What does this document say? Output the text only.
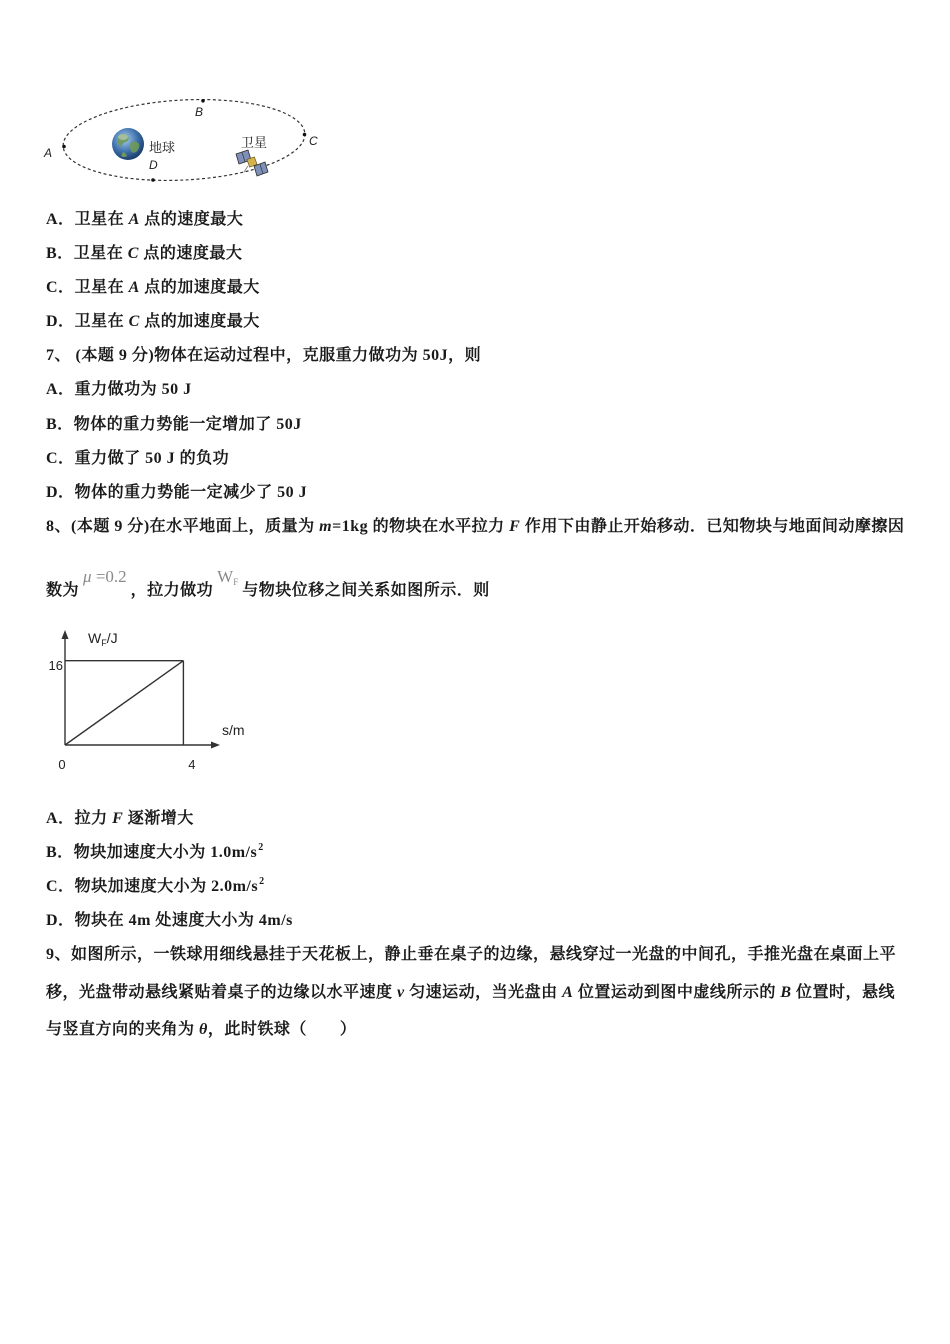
A
B
C
D
地球	卫星
A．卫星在 A 点的速度最大
B．卫星在 C 点的速度最大
C．卫星在 A 点的加速度最大
D．卫星在 C 点的加速度最大
7、 (本题 9 分)物体在运动过程中，克服重力做功为 50J，则
A．重力做功为 50 J
B．物体的重力势能一定增加了 50J
C．重力做了 50 J 的负功
D．物体的重力势能一定减少了 50 J
8、(本题 9 分)在水平地面上，质量为 m=1kg 的物块在水平拉力 F 作用下由静止开始移动．已知物块与地面间动摩擦因
数为μ =0.2，拉力做功WF 与物块位移之间关系如图所示．则
$W_F/J$
s/m
16
0	4
A．拉力 F 逐渐增大
B．物块加速度大小为 $1.0m/s^2$
C．物块加速度大小为 $2.0m/s^2$
D．物块在 4m 处速度大小为 4m/s
9、如图所示，一铁球用细线悬挂于天花板上，静止垂在桌子的边缘，悬线穿过一光盘的中间孔，手推光盘在桌面上平
移，光盘带动悬线紧贴着桌子的边缘以水平速度 v 匀速运动，当光盘由 A 位置运动到图中虚线所示的 B 位置时，悬线
与竖直方向的夹角为 θ，此时铁球（　　）
